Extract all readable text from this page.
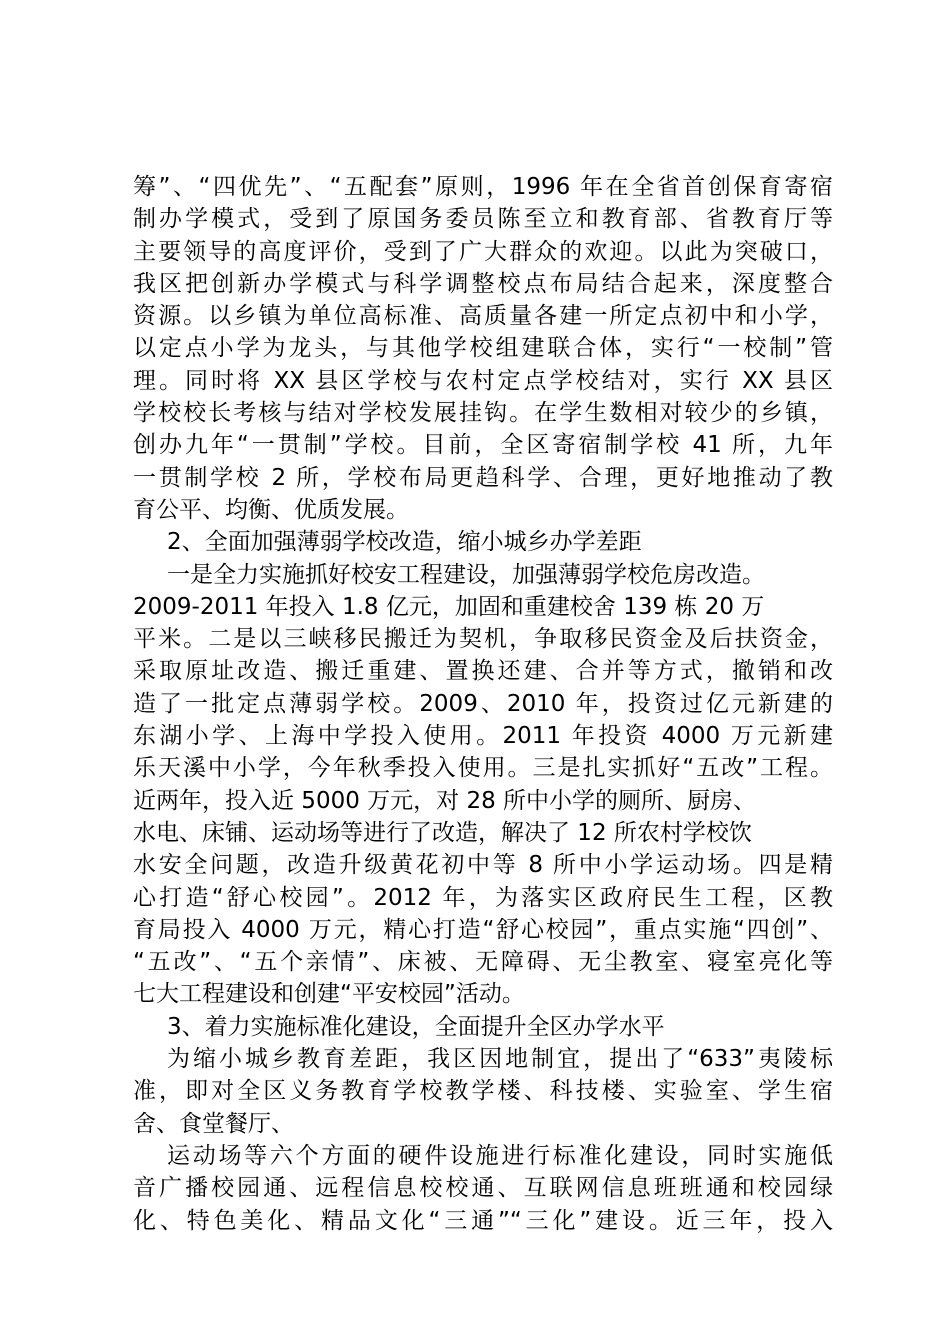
筹”、“四优先”、“五配套”原则，1996 年在全省首创保育寄宿
制办学模式，受到了原国务委员陈至立和教育部、省教育厅等
主要领导的高度评价，受到了广大群众的欢迎。以此为突破口，
我区把创新办学模式与科学调整校点布局结合起来，深度整合
资源。以乡镇为单位高标准、高质量各建一所定点初中和小学，
以定点小学为龙头，与其他学校组建联合体，实行“一校制”管
理。同时将 XX 县区学校与农村定点学校结对，实行 XX 县区
学校校长考核与结对学校发展挂钩。在学生数相对较少的乡镇，
创办九年“一贯制”学校。目前，全区寄宿制学校 41 所，九年
一贯制学校 2 所，学校布局更趋科学、合理，更好地推动了教
育公平、均衡、优质发展。
2、全面加强薄弱学校改造，缩小城乡办学差距
一是全力实施抓好校安工程建设，加强薄弱学校危房改造。
2009-2011 年投入 1.8 亿元，加固和重建校舍 139 栋 20 万
平米。二是以三峡移民搬迁为契机，争取移民资金及后扶资金，
采取原址改造、搬迁重建、置换还建、合并等方式，撤销和改
造了一批定点薄弱学校。2009、2010 年，投资过亿元新建的
东湖小学、上海中学投入使用。2011 年投资 4000 万元新建
乐天溪中小学，今年秋季投入使用。三是扎实抓好“五改”工程。
近两年，投入近 5000 万元，对 28 所中小学的厕所、厨房、
水电、床铺、运动场等进行了改造，解决了 12 所农村学校饮
水安全问题，改造升级黄花初中等 8 所中小学运动场。四是精
心打造“舒心校园”。2012 年，为落实区政府民生工程，区教
育局投入 4000 万元，精心打造“舒心校园”，重点实施“四创”、
“五改”、“五个亲情”、床被、无障碍、无尘教室、寝室亮化等
七大工程建设和创建“平安校园”活动。
3、着力实施标准化建设，全面提升全区办学水平
为缩小城乡教育差距，我区因地制宜，提出了“633”夷陵标
准，即对全区义务教育学校教学楼、科技楼、实验室、学生宿
舍、食堂餐厅、
运动场等六个方面的硬件设施进行标准化建设，同时实施低
音广播校园通、远程信息校校通、互联网信息班班通和校园绿
化、特色美化、精品文化“三通”“三化”建设。近三年，投入
